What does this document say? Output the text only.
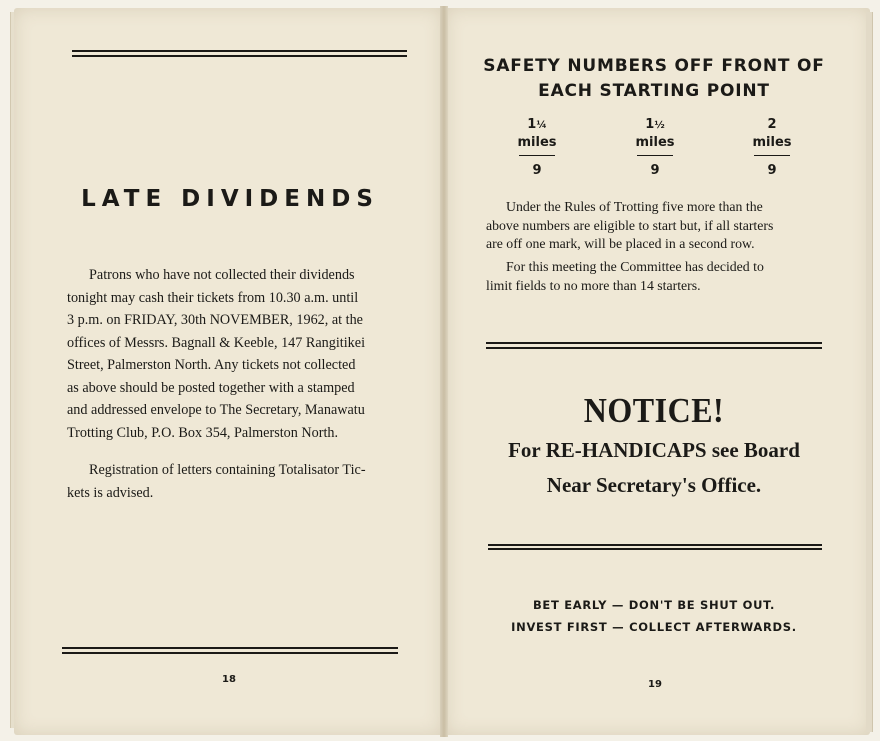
LATE DIVIDENDS
Patrons who have not collected their dividends
tonight may cash their tickets from 10.30 a.m. until
3 p.m. on FRIDAY, 30th NOVEMBER, 1962, at the
offices of Messrs. Bagnall & Keeble, 147 Rangitikei
Street, Palmerston North. Any tickets not collected
as above should be posted together with a stamped
and addressed envelope to The Secretary, Manawatu
Trotting Club, P.O. Box 354, Palmerston North.
Registration of letters containing Totalisator Tic-
kets is advised.
18
SAFETY NUMBERS OFF FRONT OF
EACH STARTING POINT
1¼
miles
9
1½
miles
9
2
miles
9
Under the Rules of Trotting five more than the
above numbers are eligible to start but, if all starters
are off one mark, will be placed in a second row.
For this meeting the Committee has decided to
limit fields to no more than 14 starters.
NOTICE!
For RE-HANDICAPS see Board
Near Secretary's Office.
BET EARLY — DON'T BE SHUT OUT.
INVEST FIRST — COLLECT AFTERWARDS.
19
